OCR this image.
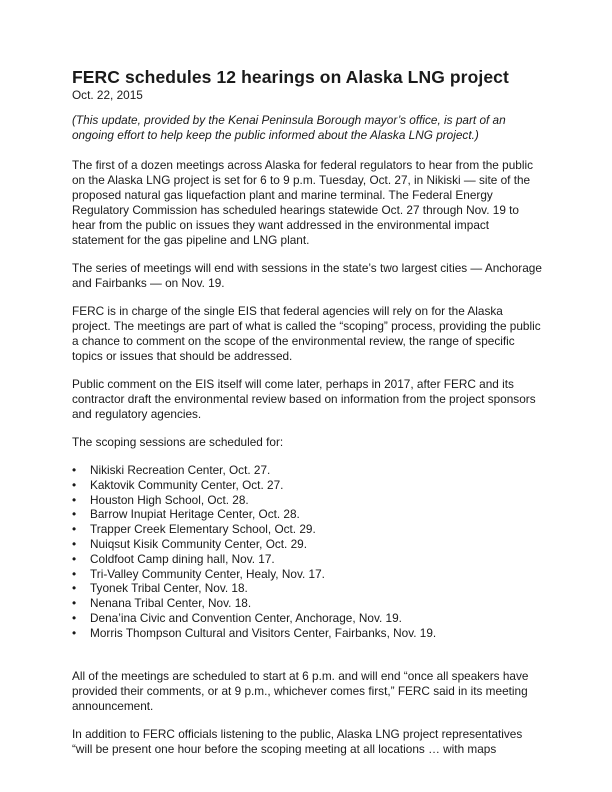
FERC schedules 12 hearings on Alaska LNG project

Oct. 22, 2015

(This update, provided by the Kenai Peninsula Borough mayor’s office, is part of an ongoing effort to help keep the public informed about the Alaska LNG project.)

The first of a dozen meetings across Alaska for federal regulators to hear from the public on the Alaska LNG project is set for 6 to 9 p.m. Tuesday, Oct. 27, in Nikiski — site of the proposed natural gas liquefaction plant and marine terminal. The Federal Energy Regulatory Commission has scheduled hearings statewide Oct. 27 through Nov. 19 to hear from the public on issues they want addressed in the environmental impact statement for the gas pipeline and LNG plant.

The series of meetings will end with sessions in the state’s two largest cities — Anchorage and Fairbanks — on Nov. 19.

FERC is in charge of the single EIS that federal agencies will rely on for the Alaska project. The meetings are part of what is called the “scoping” process, providing the public a chance to comment on the scope of the environmental review, the range of specific topics or issues that should be addressed.

Public comment on the EIS itself will come later, perhaps in 2017, after FERC and its contractor draft the environmental review based on information from the project sponsors and regulatory agencies.

The scoping sessions are scheduled for:

•	Nikiski Recreation Center, Oct. 27.
•	Kaktovik Community Center, Oct. 27.
•	Houston High School, Oct. 28.
•	Barrow Inupiat Heritage Center, Oct. 28.
•	Trapper Creek Elementary School, Oct. 29.
•	Nuiqsut Kisik Community Center, Oct. 29.
•	Coldfoot Camp dining hall, Nov. 17.
•	Tri-Valley Community Center, Healy, Nov. 17.
•	Tyonek Tribal Center, Nov. 18.
•	Nenana Tribal Center, Nov. 18.
•	Dena’ina Civic and Convention Center, Anchorage, Nov. 19.
•	Morris Thompson Cultural and Visitors Center, Fairbanks, Nov. 19.

All of the meetings are scheduled to start at 6 p.m. and will end “once all speakers have provided their comments, or at 9 p.m., whichever comes first,” FERC said in its meeting announcement.

In addition to FERC officials listening to the public, Alaska LNG project representatives “will be present one hour before the scoping meeting at all locations … with maps
